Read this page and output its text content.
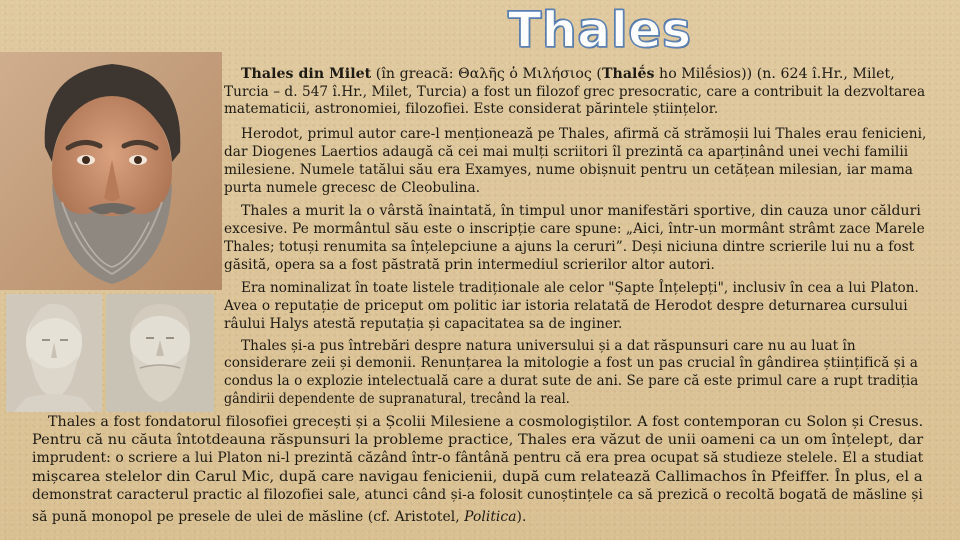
Thales
Thales din Milet (în greacă: Θαλῆς ὁ Μιλήσιος (Thalḗs ho Milḗsios)) (n. 624 î.Hr., Milet,
Turcia – d. 547 î.Hr., Milet, Turcia) a fost un filozof grec presocratic, care a contribuit la dezvoltarea
matematicii, astronomiei, filozofiei. Este considerat părintele științelor.
Herodot, primul autor care-l menționează pe Thales, afirmă că strămoșii lui Thales erau fenicieni,
dar Diogenes Laertios adaugă că cei mai mulți scriitori îl prezintă ca aparținând unei vechi familii
milesiene. Numele tatălui său era Examyes, nume obișnuit pentru un cetățean milesian, iar mama
purta numele grecesc de Cleobulina.
Thales a murit la o vârstă înaintată, în timpul unor manifestări sportive, din cauza unor călduri
excesive. Pe mormântul său este o inscripție care spune: „Aici, într-un mormânt strâmt zace Marele
Thales; totuși renumita sa înțelepciune a ajuns la ceruri”. Deși niciuna dintre scrierile lui nu a fost
găsită, opera sa a fost păstrată prin intermediul scrierilor altor autori.
Era nominalizat în toate listele tradiționale ale celor "Șapte Înțelepți", inclusiv în cea a lui Platon.
Avea o reputație de priceput om politic iar istoria relatată de Herodot despre deturnarea cursului
râului Halys atestă reputația și capacitatea sa de inginer.
Thales și-a pus întrebări despre natura universului și a dat răspunsuri care nu au luat în
considerare zeii și demonii. Renunțarea la mitologie a fost un pas crucial în gândirea științifică și a
condus la o explozie intelectuală care a durat sute de ani. Se pare că este primul care a rupt tradiția
gândirii dependente de supranatural, trecând la real.
Thales a fost fondatorul filosofiei grecești și a Școlii Milesiene a cosmologiștilor. A fost contemporan cu Solon și Cresus.
Pentru că nu căuta întotdeauna răspunsuri la probleme practice, Thales era văzut de unii oameni ca un om înțelept, dar
imprudent: o scriere a lui Platon ni-l prezintă căzând într-o fântână pentru că era prea ocupat să studieze stelele. El a studiat
mișcarea stelelor din Carul Mic, după care navigau fenicienii, după cum relatează Callimachos în Pfeiffer. În plus, el a
demonstrat caracterul practic al filozofiei sale, atunci când și-a folosit cunoștințele ca să prezică o recoltă bogată de măsline și
să pună monopol pe presele de ulei de măsline (cf. Aristotel, Politica).
